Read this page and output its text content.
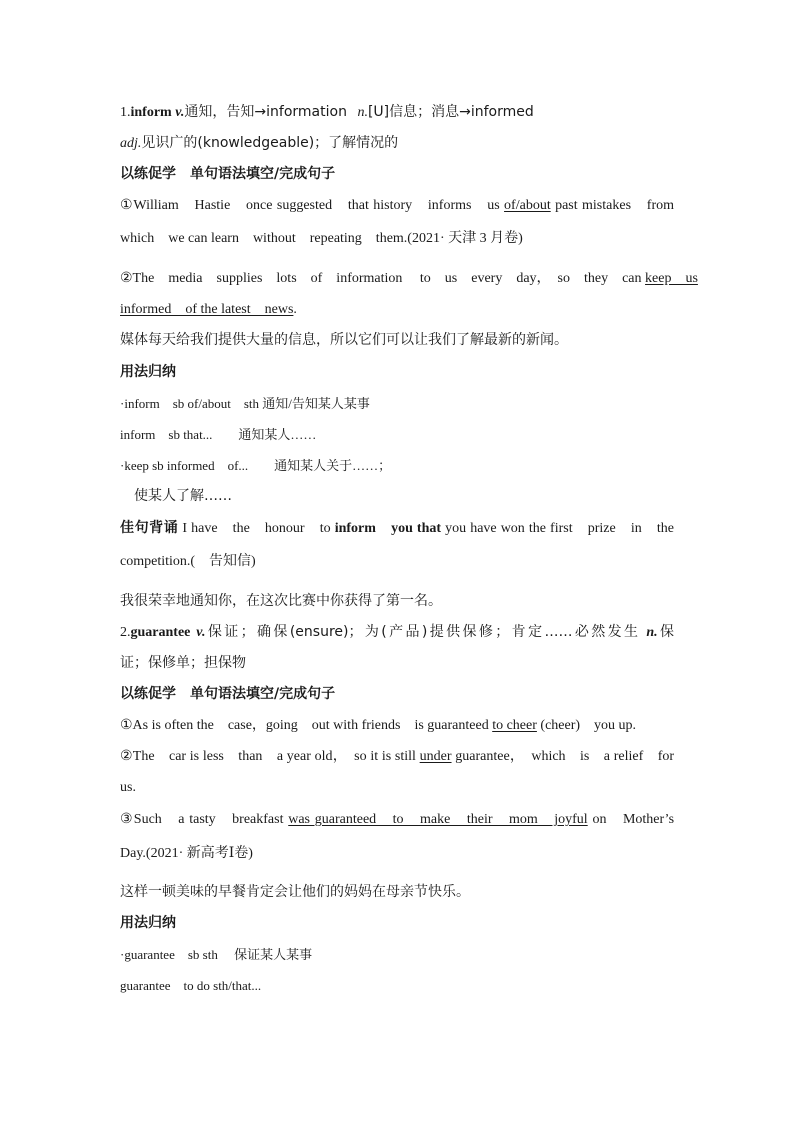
1.inform v.通知，告知→information n.[U]信息；消息→informed
adj.见识广的(knowledgeable)；了解情况的
以练促学　单句语法填空/完成句子
①William　Hastie　once suggested　that history　informs　us of/about past mistakes　from
which　we can learn　without　repeating　them.(2021· 天津 3 月卷)
②The　media　supplies　lots　of　information　 to　us　every　day，　so　they　can keep　us
informed　of the latest　news.
媒体每天给我们提供大量的信息，所以它们可以让我们了解最新的新闻。
用法归纳
·inform　sb of/about　sth 通知/告知某人某事
inform　sb that...　　通知某人……
·keep sb informed　of...　　通知某人关于……；
　使某人了解……
佳句背诵 I have　the　honour　to inform　you that you have won the first　prize　in　the
competition.(　告知信)
我很荣幸地通知你，在这次比赛中你获得了第一名。
2.guarantee v.保证；确保(ensure)；为(产品)提供保修；肯定……必然发生 n.保
证；保修单；担保物
以练促学　单句语法填空/完成句子
①As is often the　case，going　out with friends　is guaranteed to cheer (cheer)　you up.
②The　car is less　than　a year old，　so it is still under guarantee，　which　is　a relief　for
us.
③Such　a tasty　breakfast was guaranteed　to　make　their　mom　joyful on　Mother’s
Day.(2021· 新高考Ⅰ卷)
这样一顿美味的早餐肯定会让他们的妈妈在母亲节快乐。
用法归纳
·guarantee　sb sth　 保证某人某事
guarantee　to do sth/that...
